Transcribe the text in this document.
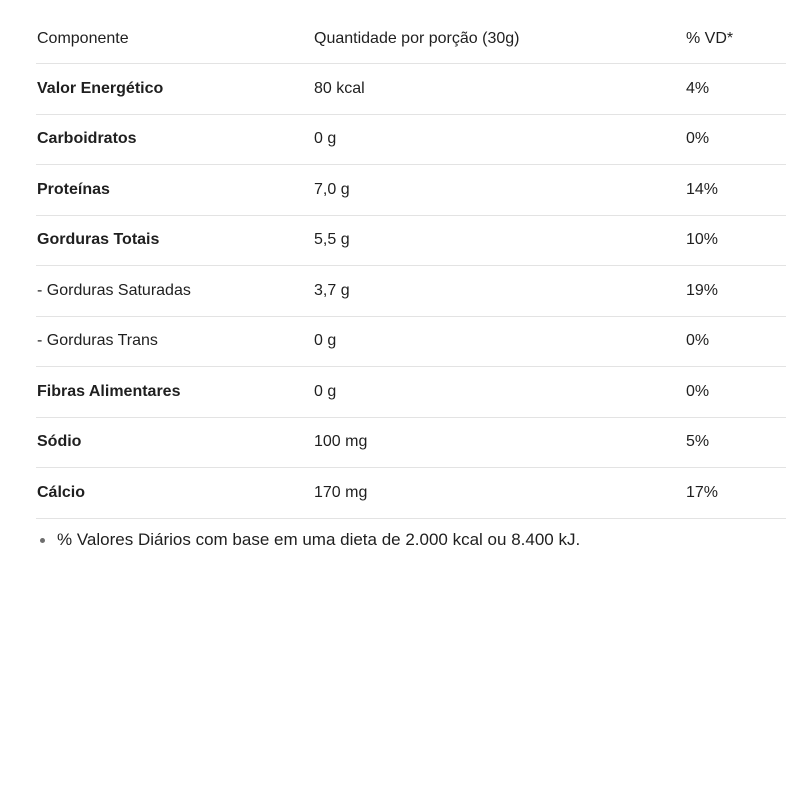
Componente	Quantidade por porção (30g)	% VD*
Valor Energético	80 kcal	4%
Carboidratos	0 g	0%
Proteínas	7,0 g	14%
Gorduras Totais	5,5 g	10%
- Gorduras Saturadas	3,7 g	19%
- Gorduras Trans	0 g	0%
Fibras Alimentares	0 g	0%
Sódio	100 mg	5%
Cálcio	170 mg	17%
% Valores Diários com base em uma dieta de 2.000 kcal ou 8.400 kJ.
